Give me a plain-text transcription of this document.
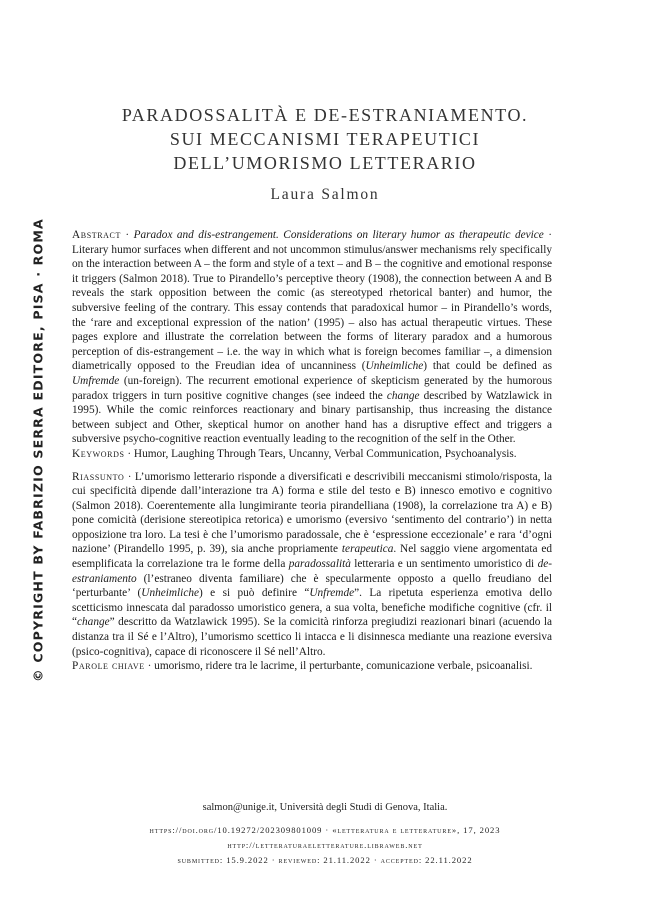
© COPYRIGHT BY FABRIZIO SERRA EDITORE, PISA · ROMA
PARADOSSALITÀ E DE-ESTRANIAMENTO.
SUI MECCANISMI TERAPEUTICI
DELL’UMORISMO LETTERARIO
Laura Salmon

Abstract · Paradox and dis-estrangement. Considerations on literary humor as therapeutic device · Literary humor surfaces when different and not uncommon stimulus/answer mechanisms rely specifically on the interaction between A – the form and style of a text – and B – the cognitive and emotional response it triggers (Salmon 2018). True to Pirandello’s perceptive theory (1908), the connection between A and B reveals the stark opposition between the comic (as stereotyped rhetorical banter) and humor, the subversive feeling of the contrary. This essay contends that paradoxical humor – in Pirandello’s words, the ‘rare and exceptional expression of the nation’ (1995) – also has actual therapeutic virtues. These pages explore and illustrate the correlation between the forms of literary paradox and a humorous perception of dis-estrangement – i.e. the way in which what is foreign becomes familiar –, a dimension diametrically opposed to the Freudian idea of uncanniness (Unheimliche) that could be defined as Umfremde (un-foreign). The recurrent emotional experience of skepticism generated by the humorous paradox triggers in turn positive cognitive changes (see indeed the change described by Watzlawick in 1995). While the comic reinforces reactionary and binary partisanship, thus increasing the distance between subject and Other, skeptical humor on another hand has a disruptive effect and triggers a subversive psycho-cognitive reaction eventually leading to the recognition of the self in the Other.

Keywords · Humor, Laughing Through Tears, Uncanny, Verbal Communication, Psychoanalysis.

Riassunto · L’umorismo letterario risponde a diversificati e descrivibili meccanismi stimolo/risposta, la cui specificità dipende dall’interazione tra A) forma e stile del testo e B) innesco emotivo e cognitivo (Salmon 2018). Coerentemente alla lungimirante teoria pirandelliana (1908), la correlazione tra A) e B) pone comicità (derisione stereotipica retorica) e umorismo (eversivo ‘sentimento del contrario’) in netta opposizione tra loro. La tesi è che l’umorismo paradossale, che è ‘espressione eccezionale’ e rara ‘d’ogni nazione’ (Pirandello 1995, p. 39), sia anche propriamente terapeutica. Nel saggio viene argomentata ed esemplificata la correlazione tra le forme della paradossalità letteraria e un sentimento umoristico di de-estraniamento (l’estraneo diventa familiare) che è specularmente opposto a quello freudiano del ‘perturbante’ (Unheimliche) e si può definire “Unfremde”. La ripetuta esperienza emotiva dello scetticismo innescata dal paradosso umoristico genera, a sua volta, benefiche modifiche cognitive (cfr. il “change” descritto da Watzlawick 1995). Se la comicità rinforza pregiudizi reazionari binari (acuendo la distanza tra il Sé e l’Altro), l’umorismo scettico li intacca e li disinnesca mediante una reazione eversiva (psico-cognitiva), capace di riconoscere il Sé nell’Altro.

Parole chiave · umorismo, ridere tra le lacrime, il perturbante, comunicazione verbale, psicoanalisi.

salmon@unige.it, Università degli Studi di Genova, Italia.
https://doi.org/10.19272/202309801009 · «letteratura e letterature», 17, 2023
http://letteraturaeletterature.libraweb.net
submitted: 15.9.2022 · reviewed: 21.11.2022 · accepted: 22.11.2022
